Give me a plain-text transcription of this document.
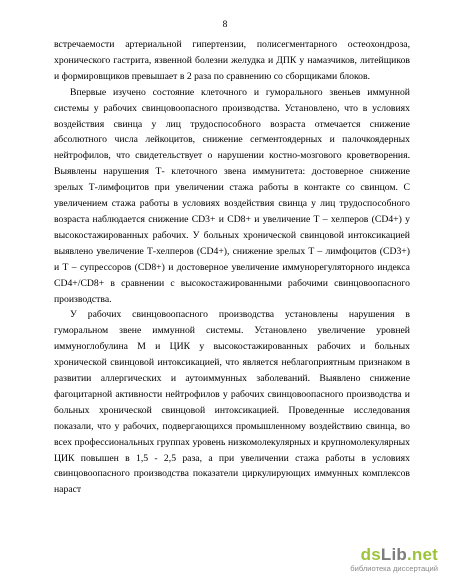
8

встречаемости артериальной гипертензии, полисегментарного остеохондроза, хронического гастрита, язвенной болезни желудка и ДПК у намазчиков, литейщиков и формировщиков превышает в 2 раза по сравнению со сборщиками блоков.

Впервые изучено состояние клеточного и гуморального звеньев иммунной системы у рабочих свинцовоопасного производства. Установлено, что в условиях воздействия свинца у лиц трудоспособного возраста отмечается снижение абсолютного числа лейкоцитов, снижение сегментоядерных и палочкоядерных нейтрофилов, что свидетельствует о нарушении костно-мозгового кроветворения. Выявлены нарушения Т- клеточного звена иммунитета: достоверное снижение зрелых Т-лимфоцитов при увеличении стажа работы в контакте со свинцом. С увеличением стажа работы в условиях воздействия свинца у лиц трудоспособного возраста наблюдается снижение CD3+ и CD8+ и увеличение Т – хелперов (CD4+) у высокостажированных рабочих. У больных хронической свинцовой интоксикацией выявлено увеличение Т-хелперов (CD4+), снижение зрелых Т – лимфоцитов (CD3+) и Т – супрессоров (CD8+) и достоверное увеличение иммунорегуляторного индекса CD4+/CD8+ в сравнении с высокостажированными рабочими свинцовоопасного производства.

У рабочих свинцовоопасного производства установлены нарушения в гуморальном звене иммунной системы. Установлено увеличение уровней иммуноглобулина М и ЦИК у высокостажированных рабочих и больных хронической свинцовой интоксикацией, что является неблагоприятным признаком в развитии аллергических и аутоиммунных заболеваний. Выявлено снижение фагоцитарной активности нейтрофилов у рабочих свинцовоопасного производства и больных хронической свинцовой интоксикацией. Проведенные исследования показали, что у рабочих, подвергающихся промышленному воздействию свинца, во всех профессиональных группах уровень низкомолекулярных и крупномолекулярных ЦИК повышен в 1,5 - 2,5 раза, а при увеличении стажа работы в условиях свинцовоопасного производства показатели циркулирующих иммунных комплексов нараст

dsLib.net
библиотека диссертаций
